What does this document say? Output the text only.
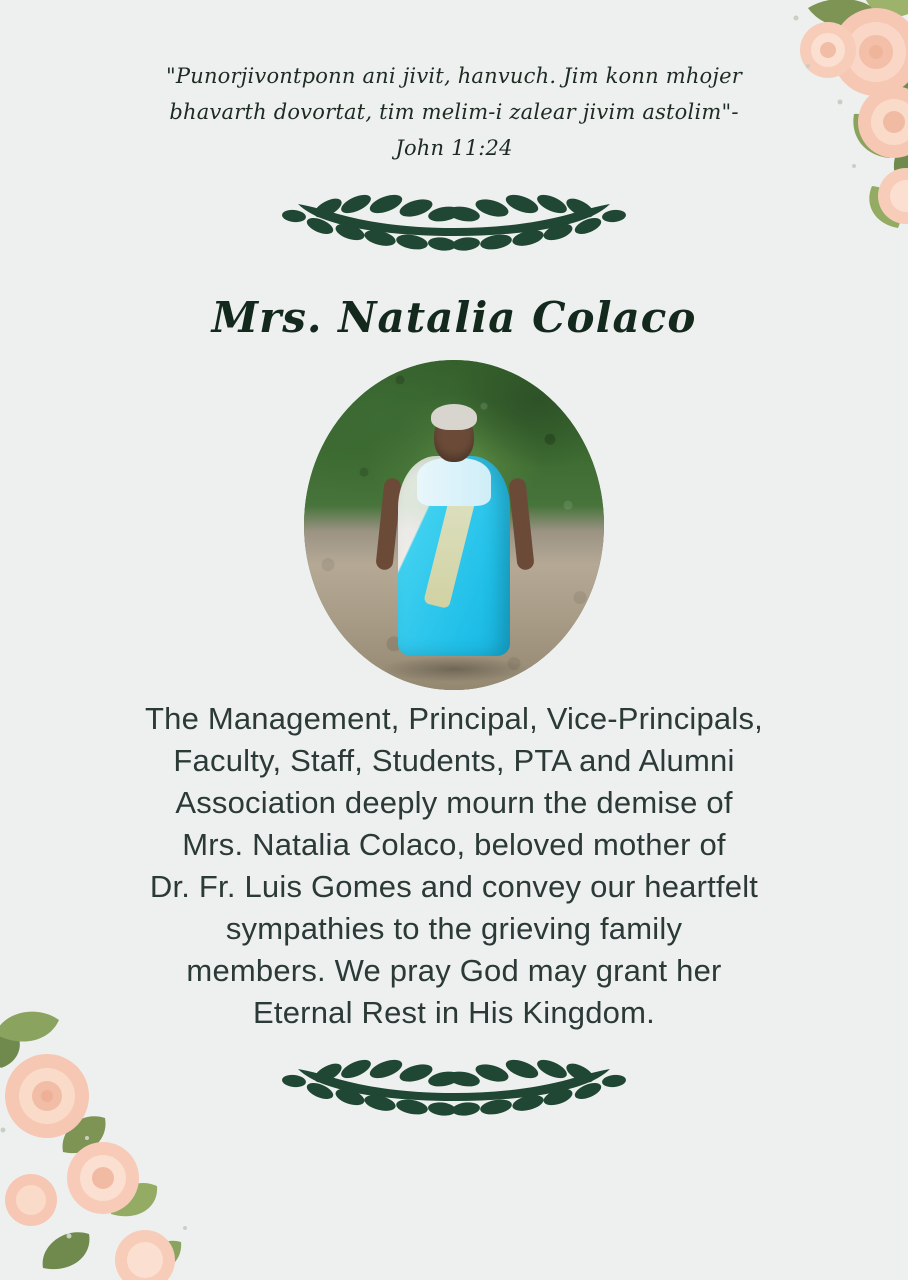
"Punorjivontponn ani jivit, hanvuch. Jim konn mhojer
bhavarth dovortat, tim melim-i zalear jivim astolim"-
John 11:24
Mrs. Natalia Colaco
The Management, Principal, Vice-Principals,
Faculty, Staff, Students, PTA and Alumni
Association deeply mourn the demise of
Mrs. Natalia Colaco, beloved mother of
Dr. Fr. Luis Gomes and convey our heartfelt
sympathies to the grieving family
members. We pray God may grant her
Eternal Rest in His Kingdom.
